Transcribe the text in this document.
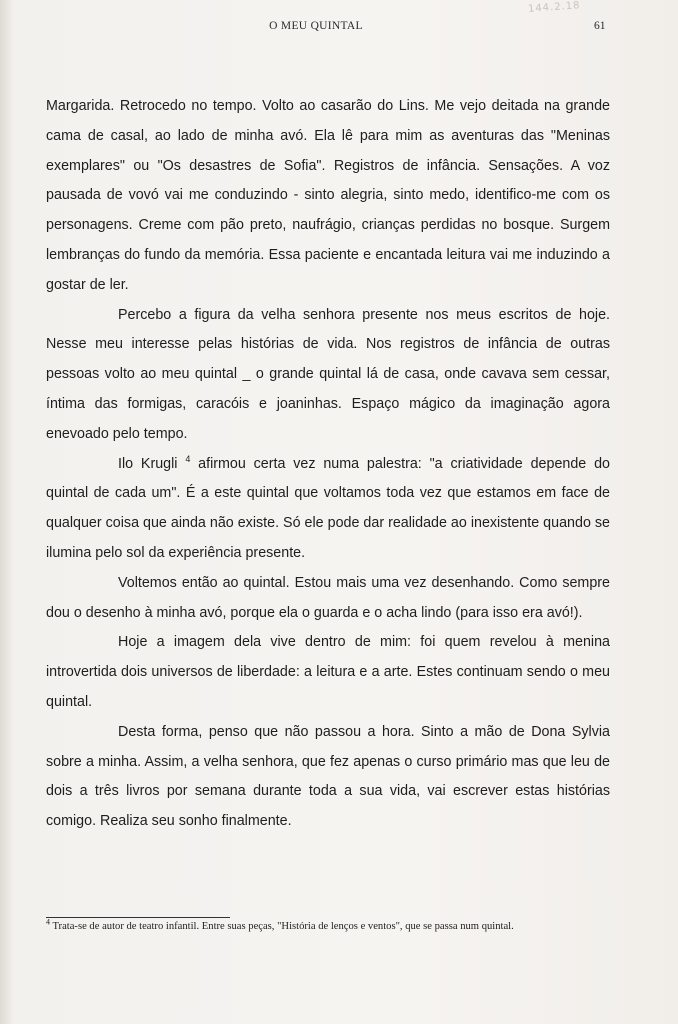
O MEU QUINTAL	61
144.2.18

Margarida. Retrocedo no tempo. Volto ao casarão do Lins. Me vejo deitada na grande cama de casal, ao lado de minha avó. Ela lê para mim as aventuras das "Meninas exemplares" ou "Os desastres de Sofia". Registros de infância. Sensações. A voz pausada de vovó vai me conduzindo - sinto alegria, sinto medo, identifico-me com os personagens. Creme com pão preto, naufrágio, crianças perdidas no bosque. Surgem lembranças do fundo da memória. Essa paciente e encantada leitura vai me induzindo a gostar de ler.

Percebo a figura da velha senhora presente nos meus escritos de hoje. Nesse meu interesse pelas histórias de vida. Nos registros de infância de outras pessoas volto ao meu quintal _ o grande quintal lá de casa, onde cavava sem cessar, íntima das formigas, caracóis e joaninhas. Espaço mágico da imaginação agora enevoado pelo tempo.

Ilo Krugli $^4$ afirmou certa vez numa palestra: "a criatividade depende do quintal de cada um". É a este quintal que voltamos toda vez que estamos em face de qualquer coisa que ainda não existe. Só ele pode dar realidade ao inexistente quando se ilumina pelo sol da experiência presente.

Voltemos então ao quintal. Estou mais uma vez desenhando. Como sempre dou o desenho à minha avó, porque ela o guarda e o acha lindo (para isso era avó!).

Hoje a imagem dela vive dentro de mim: foi quem revelou à menina introvertida dois universos de liberdade: a leitura e a arte. Estes continuam sendo o meu quintal.

Desta forma, penso que não passou a hora. Sinto a mão de Dona Sylvia sobre a minha. Assim, a velha senhora, que fez apenas o curso primário mas que leu de dois a três livros por semana durante toda a sua vida, vai escrever estas histórias comigo. Realiza seu sonho finalmente.

$^4$ Trata-se de autor de teatro infantil. Entre suas peças, "História de lenços e ventos", que se passa num quintal.
